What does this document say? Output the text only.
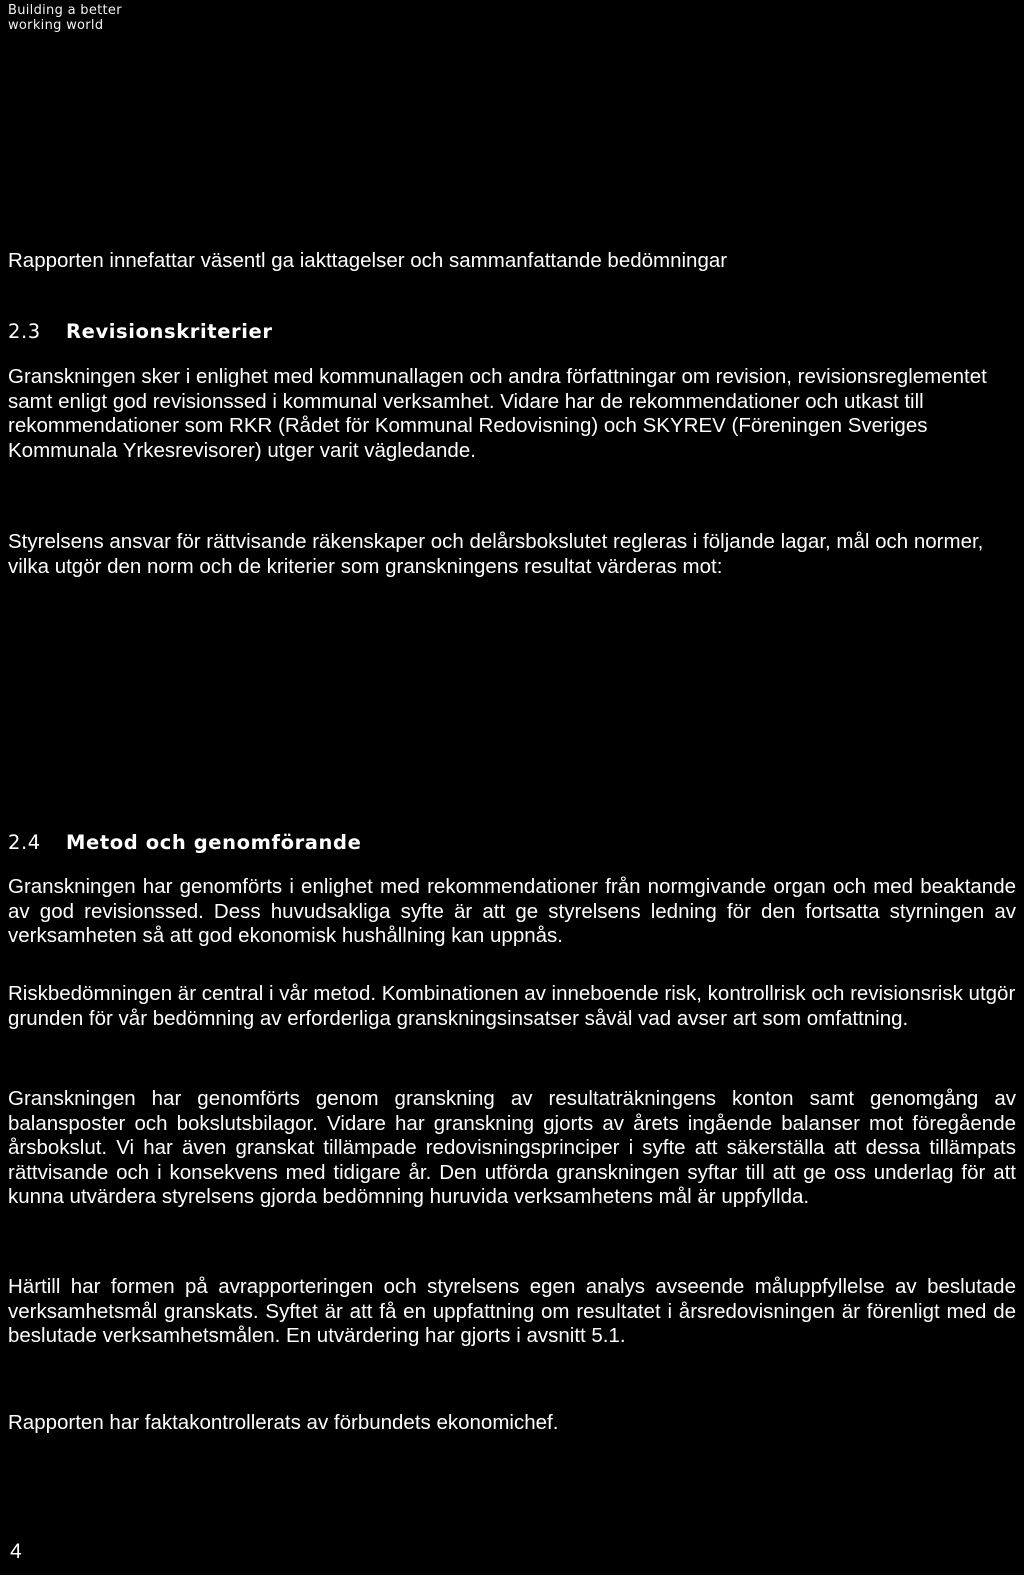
Building a better
working world

Rapporten innefattar väsentl ga iakttagelser och sammanfattande bedömningar

2.3 Revisionskriterier

Granskningen sker i enlighet med kommunallagen och andra författningar om revision, revisionsreglementet samt enligt god revisionssed i kommunal verksamhet. Vidare har de rekommendationer och utkast till rekommendationer som RKR (Rådet för Kommunal Redovisning) och SKYREV (Föreningen Sveriges Kommunala Yrkesrevisorer) utger varit vägledande.

Styrelsens ansvar för rättvisande räkenskaper och delårsbokslutet regleras i följande lagar, mål och normer, vilka utgör den norm och de kriterier som granskningens resultat värderas mot:

2.4 Metod och genomförande

Granskningen har genomförts i enlighet med rekommendationer från normgivande organ och med beaktande av god revisionssed. Dess huvudsakliga syfte är att ge styrelsens ledning för den fortsatta styrningen av verksamheten så att god ekonomisk hushållning kan uppnås.

Riskbedömningen är central i vår metod. Kombinationen av inneboende risk, kontrollrisk och revisionsrisk utgör grunden för vår bedömning av erforderliga granskningsinsatser såväl vad avser art som omfattning.

Granskningen har genomförts genom granskning av resultaträkningens konton samt genomgång av balansposter och bokslutsbilagor. Vidare har granskning gjorts av årets ingående balanser mot föregående årsbokslut. Vi har även granskat tillämpade redovisningsprinciper i syfte att säkerställa att dessa tillämpats rättvisande och i konsekvens med tidigare år. Den utförda granskningen syftar till att ge oss underlag för att kunna utvärdera styrelsens gjorda bedömning huruvida verksamhetens mål är uppfyllda.

Härtill har formen på avrapporteringen och styrelsens egen analys avseende måluppfyllelse av beslutade verksamhetsmål granskats. Syftet är att få en uppfattning om resultatet i årsredovisningen är förenligt med de beslutade verksamhetsmålen. En utvärdering har gjorts i avsnitt 5.1.

Rapporten har faktakontrollerats av förbundets ekonomichef.

4
